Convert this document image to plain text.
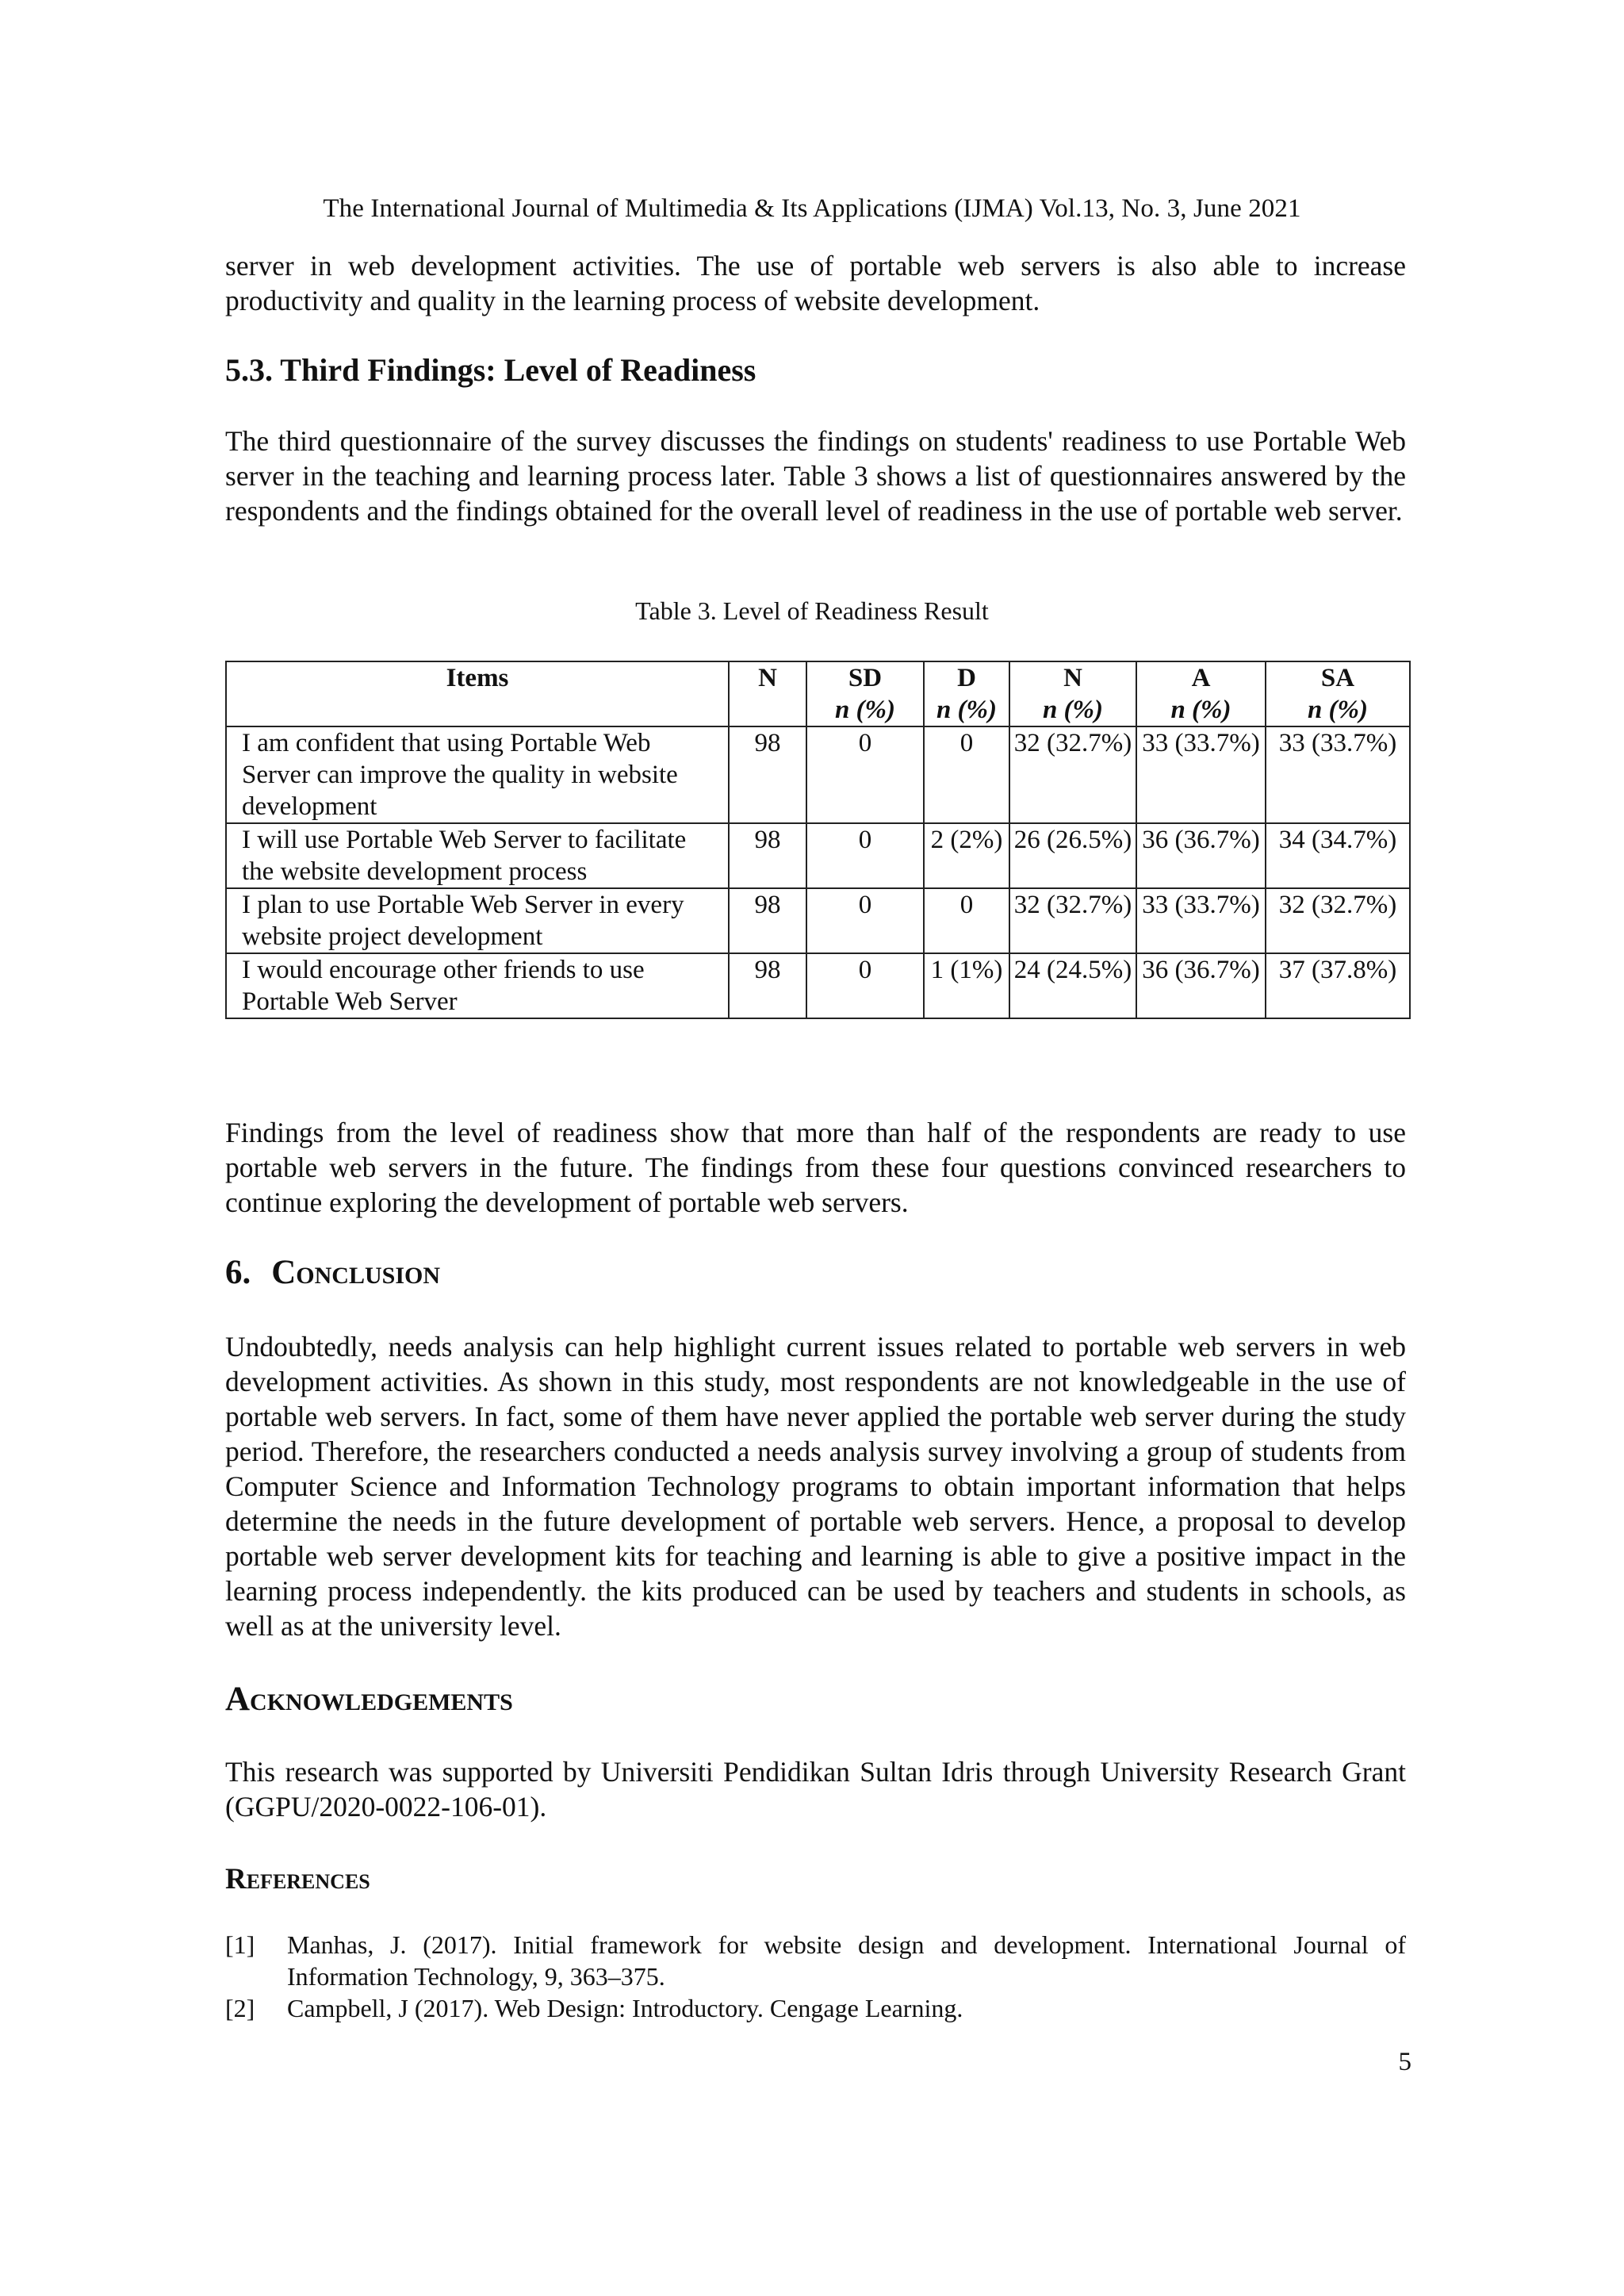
The International Journal of Multimedia & Its Applications (IJMA) Vol.13, No. 3, June 2021

server in web development activities. The use of portable web servers is also able to increase productivity and quality in the learning process of website development.

5.3. Third Findings: Level of Readiness

The third questionnaire of the survey discusses the findings on students' readiness to use Portable Web server in the teaching and learning process later. Table 3 shows a list of questionnaires answered by the respondents and the findings obtained for the overall level of readiness in the use of portable web server.

Table 3. Level of Readiness Result
Items	N	SD	D	N	A	SA
		n (%)	n (%)	n (%)	n (%)	n (%)
I am confident that using Portable Web Server can improve the quality in website development	98	0	0	32 (32.7%)	33 (33.7%)	33 (33.7%)
I will use Portable Web Server to facilitate the website development process	98	0	2 (2%)	26 (26.5%)	36 (36.7%)	34 (34.7%)
I plan to use Portable Web Server in every website project development	98	0	0	32 (32.7%)	33 (33.7%)	32 (32.7%)
I would encourage other friends to use Portable Web Server	98	0	1 (1%)	24 (24.5%)	36 (36.7%)	37 (37.8%)

Findings from the level of readiness show that more than half of the respondents are ready to use portable web servers in the future. The findings from these four questions convinced researchers to continue exploring the development of portable web servers.

6. Conclusion

Undoubtedly, needs analysis can help highlight current issues related to portable web servers in web development activities. As shown in this study, most respondents are not knowledgeable in the use of portable web servers. In fact, some of them have never applied the portable web server during the study period. Therefore, the researchers conducted a needs analysis survey involving a group of students from Computer Science and Information Technology programs to obtain important information that helps determine the needs in the future development of portable web servers. Hence, a proposal to develop portable web server development kits for teaching and learning is able to give a positive impact in the learning process independently. the kits produced can be used by teachers and students in schools, as well as at the university level.

Acknowledgements

This research was supported by Universiti Pendidikan Sultan Idris through University Research Grant (GGPU/2020-0022-106-01).

References
[1]	Manhas, J. (2017). Initial framework for website design and development. International Journal of Information Technology, 9, 363–375.
[2]	Campbell, J (2017). Web Design: Introductory. Cengage Learning.
5
